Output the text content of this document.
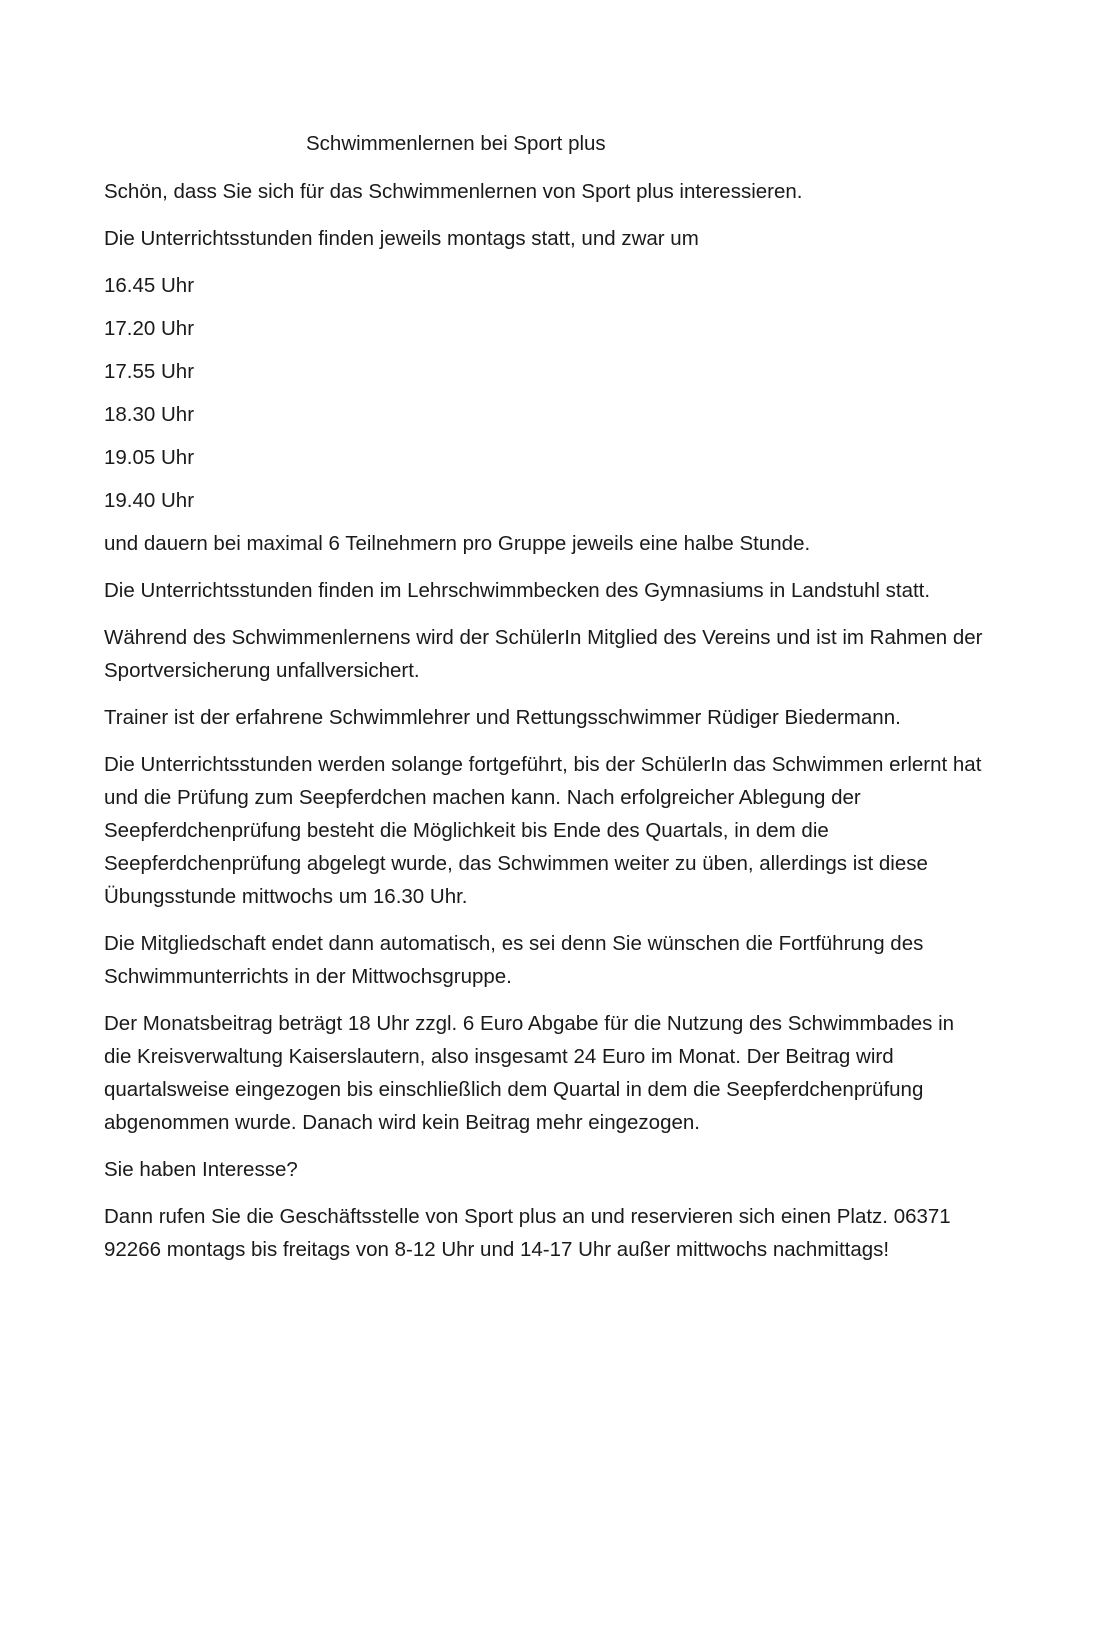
Schwimmenlernen bei Sport plus

Schön, dass Sie sich für das Schwimmenlernen von Sport plus interessieren.

Die Unterrichtsstunden finden jeweils montags statt, und zwar um

16.45 Uhr

17.20 Uhr

17.55 Uhr

18.30 Uhr

19.05 Uhr

19.40 Uhr

und dauern bei maximal 6 Teilnehmern pro Gruppe jeweils eine halbe Stunde.

Die Unterrichtsstunden finden im Lehrschwimmbecken des Gymnasiums in Landstuhl statt.

Während des Schwimmenlernens wird der SchülerIn Mitglied des Vereins und ist im Rahmen der Sportversicherung unfallversichert.

Trainer ist der erfahrene Schwimmlehrer und Rettungsschwimmer Rüdiger Biedermann.

Die Unterrichtsstunden werden solange fortgeführt, bis der SchülerIn das Schwimmen erlernt hat und die Prüfung zum Seepferdchen machen kann. Nach erfolgreicher Ablegung der Seepferdchenprüfung besteht die Möglichkeit bis Ende des Quartals, in dem die Seepferdchenprüfung abgelegt wurde, das Schwimmen weiter zu üben, allerdings ist diese Übungsstunde mittwochs um 16.30 Uhr.

Die Mitgliedschaft endet dann automatisch, es sei denn Sie wünschen die Fortführung des Schwimmunterrichts in der Mittwochsgruppe.

Der Monatsbeitrag beträgt 18 Uhr zzgl. 6 Euro Abgabe für die Nutzung des Schwimmbades in die Kreisverwaltung Kaiserslautern, also insgesamt 24 Euro im Monat. Der Beitrag wird quartalsweise eingezogen bis einschließlich dem Quartal in dem die Seepferdchenprüfung abgenommen wurde. Danach wird kein Beitrag mehr eingezogen.

Sie haben Interesse?

Dann rufen Sie die Geschäftsstelle von Sport plus an und reservieren sich einen Platz. 06371 92266 montags bis freitags von 8-12 Uhr und 14-17 Uhr außer mittwochs nachmittags!
